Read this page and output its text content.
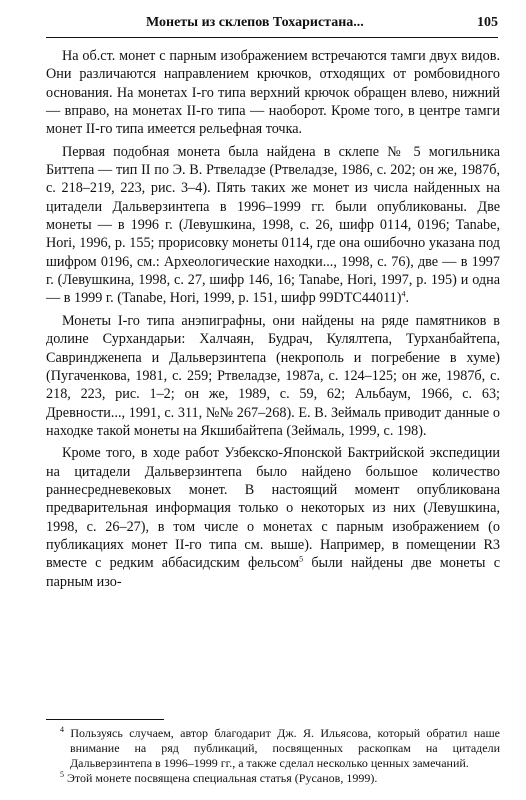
Монеты из склепов Тохаристана...	105

На об.ст. монет с парным изображением встречаются тамги двух видов. Они различаются направлением крючков, отходящих от ромбовидного основания. На монетах I-го типа верхний крючок обращен влево, нижний — вправо, на монетах II-го типа — наоборот. Кроме того, в центре тамги монет II-го типа имеется рельефная точка.

Первая подобная монета была найдена в склепе № 5 могильника Биттепа — тип II по Э. В. Ртвеладзе (Ртвеладзе, 1986, с. 202; он же, 1987б, с. 218–219, 223, рис. 3–4). Пять таких же монет из числа найденных на цитадели Дальверзинтепа в 1996–1999 гг. были опубликованы. Две монеты — в 1996 г. (Левушкина, 1998, с. 26, шифр 0114, 0196; Tanabe, Hori, 1996, р. 155; прорисовку монеты 0114, где она ошибочно указана под шифром 0196, см.: Археологические находки..., 1998, с. 76), две — в 1997 г. (Левушкина, 1998, с. 27, шифр 146, 16; Tanabe, Hori, 1997, р. 195) и одна — в 1999 г. (Tanabe, Hori, 1999, р. 151, шифр 99DTC44011)$^4$.

Монеты I-го типа анэпиграфны, они найдены на ряде памятников в долине Сурхандарьи: Халчаян, Будрач, Кулялтепа, Турханбайтепа, Савриндженепа и Дальверзинтепа (некрополь и погребение в хуме) (Пугаченкова, 1981, с. 259; Ртвеладзе, 1987а, с. 124–125; он же, 1987б, с. 218, 223, рис. 1–2; он же, 1989, с. 59, 62; Альбаум, 1966, с. 63; Древности..., 1991, с. 311, №№ 267–268). Е. В. Зеймаль приводит данные о находке такой монеты на Якшибайтепа (Зеймаль, 1999, с. 198).

Кроме того, в ходе работ Узбекско-Японской Бактрийской экспедиции на цитадели Дальверзинтепа было найдено большое количество раннесредневековых монет. В настоящий момент опубликована предварительная информация только о некоторых из них (Левушкина, 1998, с. 26–27), в том числе о монетах с парным изображением (о публикациях монет II-го типа см. выше). Например, в помещении R3 вместе с редким аббасидским фельсом$^5$ были найдены две монеты с парным изо-

$^4$ Пользуясь случаем, автор благодарит Дж. Я. Ильясова, который обратил наше внимание на ряд публикаций, посвященных раскопкам на цитадели Дальверзинтепа в 1996–1999 гг., а также сделал несколько ценных замечаний.

$^5$ Этой монете посвящена специальная статья (Русанов, 1999).
